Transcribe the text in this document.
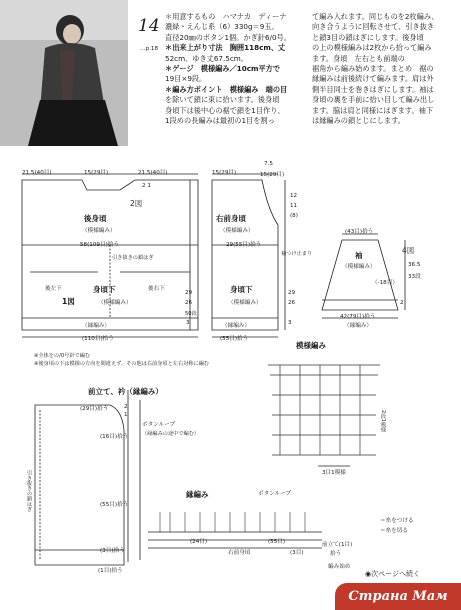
14
…p.18
＊用意するもの　ハマナカ　ディーナ
濃緑・えんじ系（6）330g＝9玉。
直径20㎜のボタン1個。かぎ針6/0号。
＊出来上がり寸法　胸囲118cm、丈
52cm、ゆき丈67.5cm。
＊ゲージ　模様編み／10cm平方で
19目×9段。
＊編み方ポイント　模様編み　端の目
を除いて鎖に束に拾います。後身頃
身頃下は後中心の裾で鎖を1目作り、
1段めの長編みは最初の1目を割っ
て編み入れます。同じものを2枚編み、
向き合うように回転させて、引き抜き
と鎖3目の鎖はぎにします。後身頃
の上の模様編みは2枚から拾って編み
ます。身頃　左右とも前端の
裾角から編み始めます。まとめ　裾の
縁編みは前後続けて編みます。肩は外
側半目同士を巻きはぎにします。袖は
身頃の裏を手前に拾い目して編み出し
ます。脇は肩と同様にはぎます。袖下
は縁編みの鎖とじにします。
21.5(40目)	15(29目)	21.5(40目)
2 1
2図
後身頃
（模様編み）
58(109目)拾う
引き抜きの鎖はぎ
後左下	後右下
身頃下
1図	（模様編み）
（縁編み）
(110目)拾う
29
26
50段
3
15(29目)
7.5
15(29目)
12
11
(8)
右前身頃
（模様編み）
29(55目)拾う
袖つけ止まり
身頃下
（模様編み）
（縁編み）
(55目)拾う
29
26
3
(43目)拾う
袖
（模様編み）
4図
（-18目）
36.5
33段
42(79目)拾う
（縁編み）
2
※全体をの/0号針で編む
※後身頃の下は模様の方向を間違えず、その他は右前身頃と左右対称に編む
模様編み
3目1模様
2段1模様
前立て、衿（縁編み）
(29目)拾う
(16目)拾う
ボタンループ
（縁編みの途中で編む）
(55目)拾う
(3目)拾う
(1目)拾う
2
1
引き抜きの鎖はぎ	縁編み	ボタンループ
(24目)
右前身頃
(55目)
(3目)
前立て(1目)
拾う
編み始め
＝糸をつける
＝糸を切る
◉次ページへ続く
Страна Мам
